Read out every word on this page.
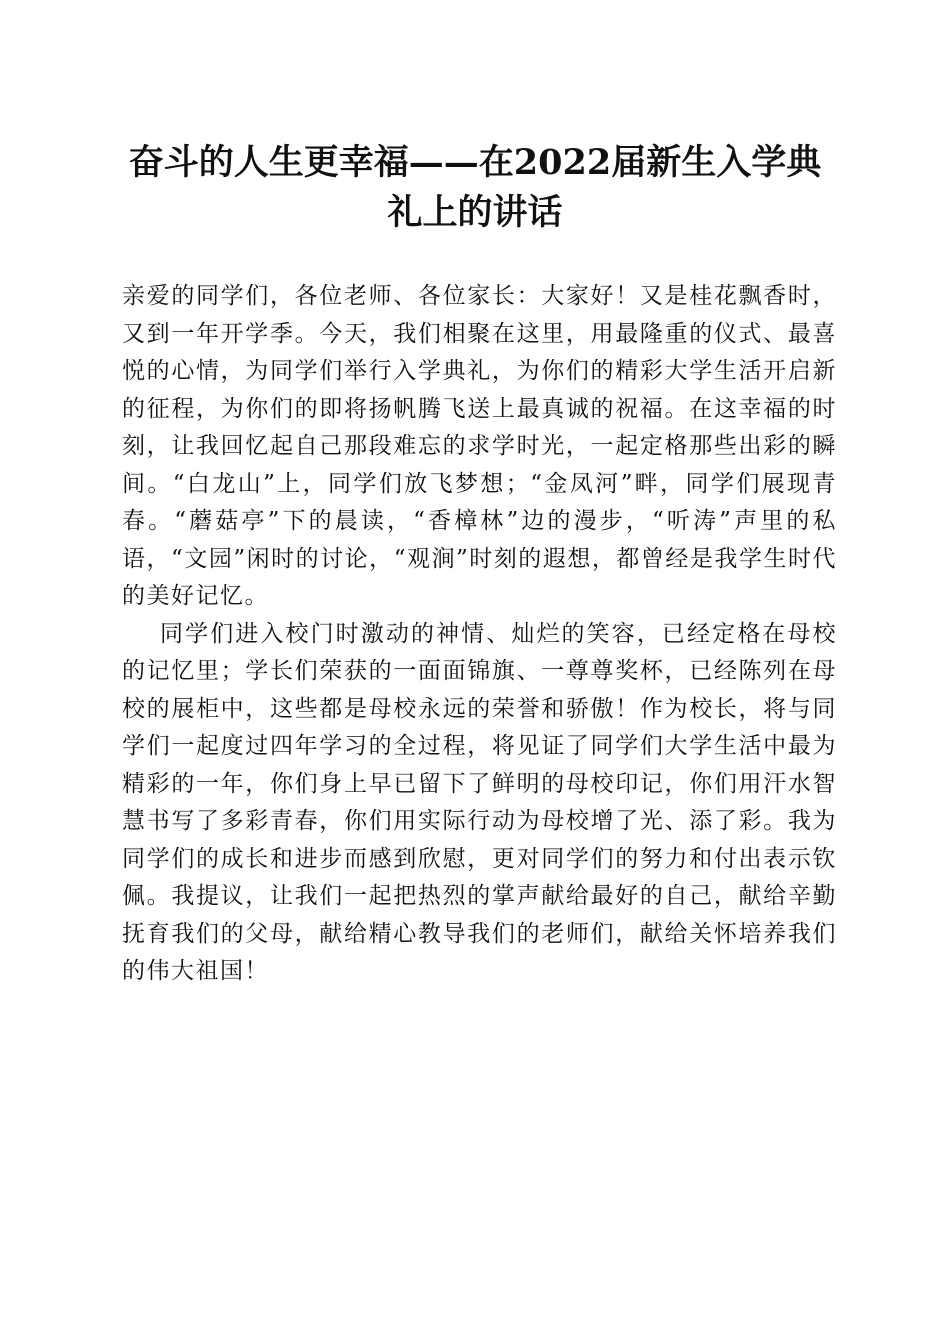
奋斗的人生更幸福——在2022届新生入学典
礼上的讲话

亲爱的同学们，各位老师、各位家长：大家好！又是桂花飘香时，又到一年开学季。今天，我们相聚在这里，用最隆重的仪式、最喜悦的心情，为同学们举行入学典礼，为你们的精彩大学生活开启新的征程，为你们的即将扬帆腾飞送上最真诚的祝福。在这幸福的时刻，让我回忆起自己那段难忘的求学时光，一起定格那些出彩的瞬间。“白龙山”上，同学们放飞梦想；“金凤河”畔，同学们展现青春。“蘑菇亭”下的晨读，“香樟林”边的漫步，“听涛”声里的私语，“文园”闲时的讨论，“观涧”时刻的遐想，都曾经是我学生时代的美好记忆。

同学们进入校门时激动的神情、灿烂的笑容，已经定格在母校的记忆里；学长们荣获的一面面锦旗、一尊尊奖杯，已经陈列在母校的展柜中，这些都是母校永远的荣誉和骄傲！作为校长，将与同学们一起度过四年学习的全过程，将见证了同学们大学生活中最为精彩的一年，你们身上早已留下了鲜明的母校印记，你们用汗水智慧书写了多彩青春，你们用实际行动为母校增了光、添了彩。我为同学们的成长和进步而感到欣慰，更对同学们的努力和付出表示钦佩。我提议，让我们一起把热烈的掌声献给最好的自己，献给辛勤抚育我们的父母，献给精心教导我们的老师们，献给关怀培养我们的伟大祖国！
